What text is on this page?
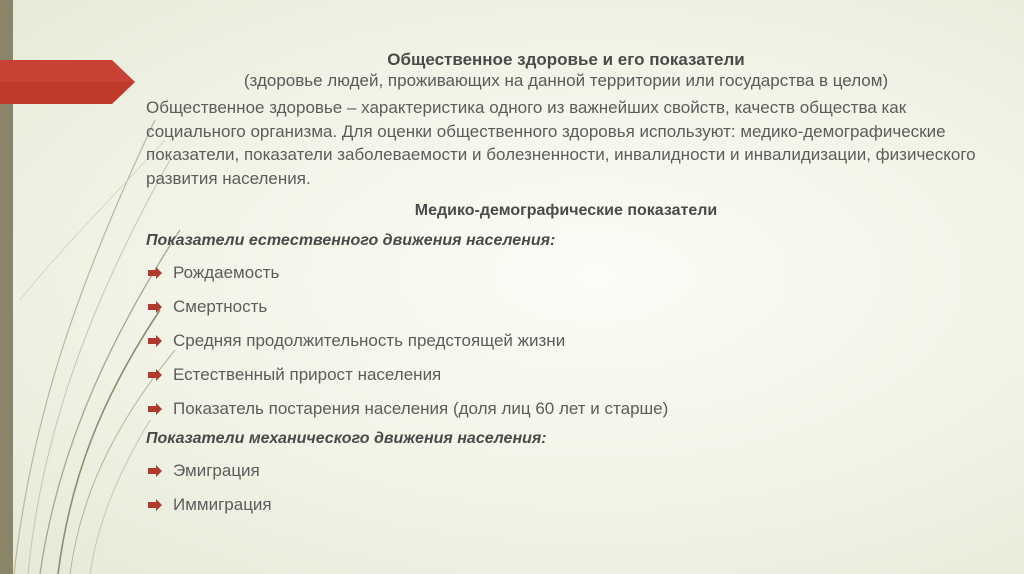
Общественное здоровье и его показатели

(здоровье людей, проживающих на данной территории или государства в целом)

Общественное здоровье – характеристика одного из важнейших свойств, качеств общества как социального организма. Для оценки общественного здоровья используют: медико-демографические показатели, показатели заболеваемости и болезненности, инвалидности и инвалидизации, физического развития населения.

Медико-демографические показатели

Показатели естественного движения населения:

Рождаемость
Смертность
Средняя продолжительность предстоящей жизни
Естественный прирост населения
Показатель постарения населения (доля лиц 60 лет и старше)

Показатели механического движения населения:

Эмиграция
Иммиграция
